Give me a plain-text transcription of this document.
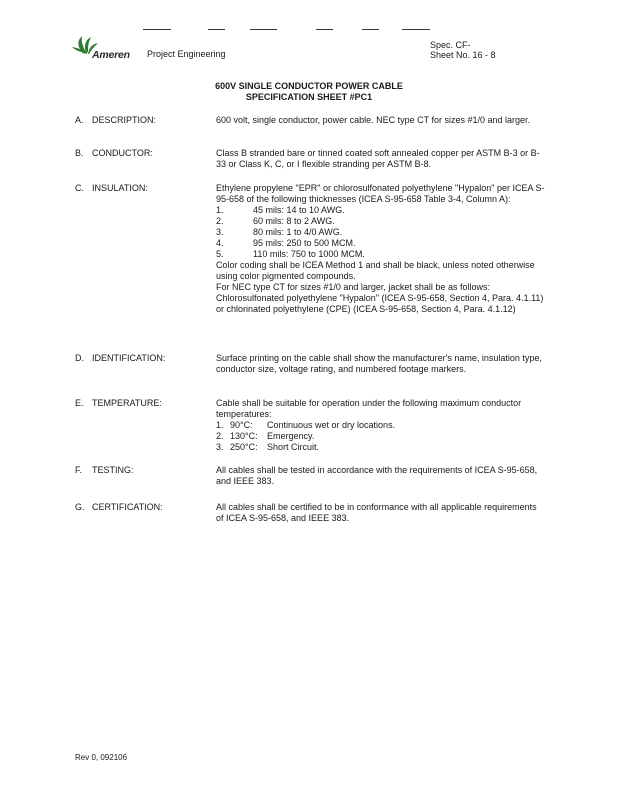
Ameren Project Engineering
Spec. CF-
Sheet No. 16 - 8
600V SINGLE CONDUCTOR POWER CABLE
SPECIFICATION SHEET #PC1
A. DESCRIPTION:	600 volt, single conductor, power cable. NEC type CT for sizes #1/0 and larger.

B. CONDUCTOR:	Class B stranded bare or tinned coated soft annealed copper per ASTM B-3 or B-33 or Class K, C, or I flexible stranding per ASTM B-8.

C. INSULATION:	Ethylene propylene "EPR" or chlorosulfonated polyethylene "Hypalon" per ICEA S-95-658 of the following thicknesses (ICEA S-95-658 Table 3-4, Column A):

1.	45 mils: 14 to 10 AWG.
2.	60 mils: 8 to 2 AWG.
3.	80 mils: 1 to 4/0 AWG.
4.	95 mils: 250 to 500 MCM.
5.	110 mils: 750 to 1000 MCM.

Color coding shall be ICEA Method 1 and shall be black, unless noted otherwise using color pigmented compounds.

For NEC type CT for sizes #1/0 and larger, jacket shall be as follows: Chlorosulfonated polyethylene "Hypalon" (ICEA S-95-658, Section 4, Para. 4.1.11) or chlorinated polyethylene (CPE) (ICEA S-95-658, Section 4, Para. 4.1.12)

D. IDENTIFICATION:	Surface printing on the cable shall show the manufacturer's name, insulation type, conductor size, voltage rating, and numbered footage markers.

E. TEMPERATURE:	Cable shall be suitable for operation under the following maximum conductor temperatures:

1. 90°C:	Continuous wet or dry locations.
2. 130°C:	Emergency.
3. 250°C:	Short Circuit.
F. TESTING:	All cables shall be tested in accordance with the requirements of ICEA S-95-658, and IEEE 383.

G. CERTIFICATION:	All cables shall be certified to be in conformance with all applicable requirements of ICEA S-95-658, and IEEE 383.

Rev 0, 092106
